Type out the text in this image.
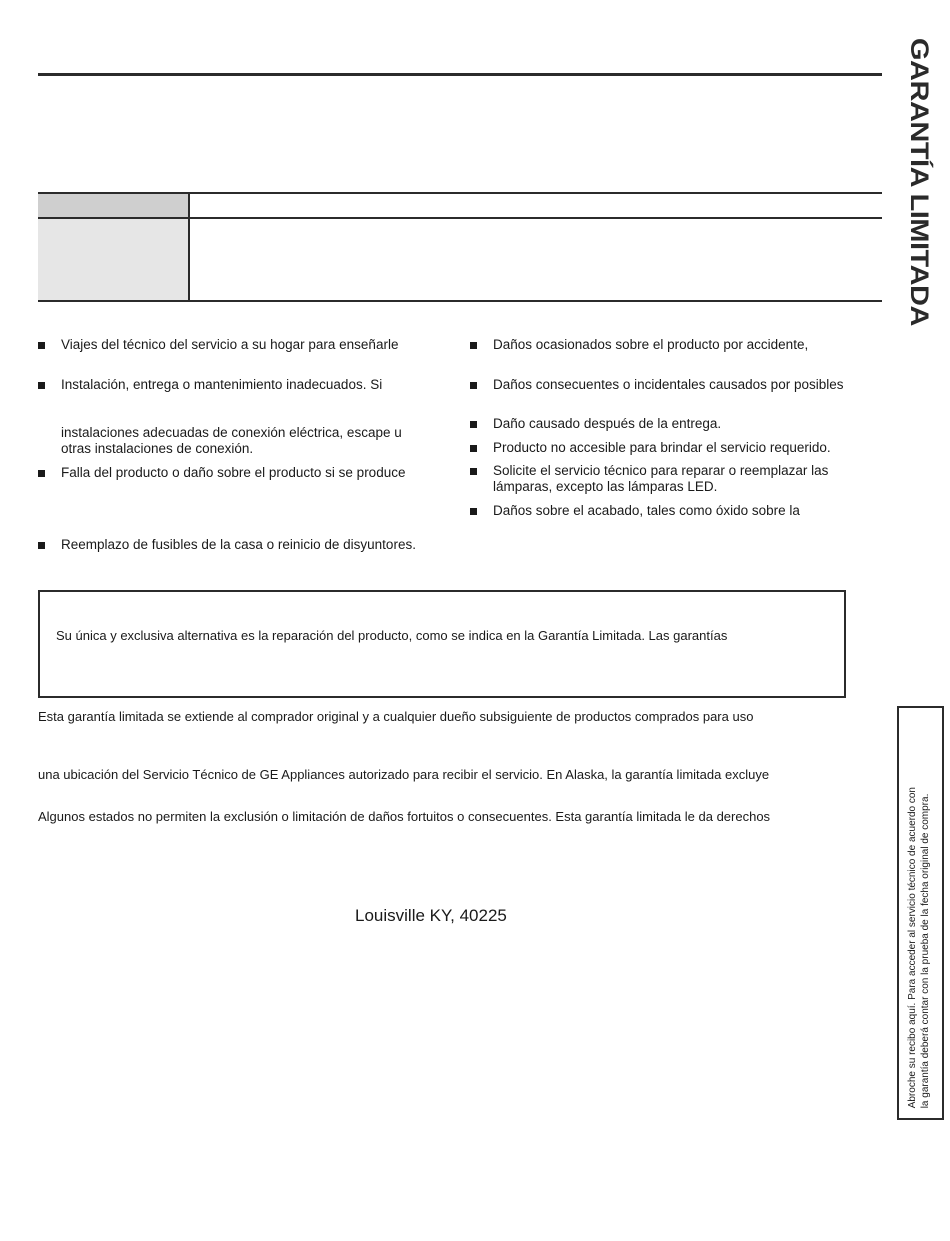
Viajes del técnico del servicio a su hogar para enseñarle
Instalación, entrega o mantenimiento inadecuados. Si
instalaciones adecuadas de conexión eléctrica, escape u
otras instalaciones de conexión.
Falla del producto o daño sobre el producto si se produce
Reemplazo de fusibles de la casa o reinicio de disyuntores.
Daños ocasionados sobre el producto por accidente,
Daños consecuentes o incidentales causados por posibles
Daño causado después de la entrega.
Producto no accesible para brindar el servicio requerido.
Solicite el servicio técnico para reparar o reemplazar las
lámparas, excepto las lámparas LED.
Daños sobre el acabado, tales como óxido sobre la
Su única y exclusiva alternativa es la reparación del producto, como se indica en la Garantía Limitada. Las garantías
Esta garantía limitada se extiende al comprador original y a cualquier dueño subsiguiente de productos comprados para uso
una ubicación del Servicio Técnico de GE Appliances autorizado para recibir el servicio. En Alaska, la garantía limitada excluye
Algunos estados no permiten la exclusión o limitación de daños fortuitos o consecuentes. Esta garantía limitada le da derechos
Louisville KY, 40225
GARANTÍA LIMITADA
Abroche su recibo aquí. Para acceder al servicio técnico de acuerdo con la garantía deberá contar con la prueba de la fecha original de compra.
